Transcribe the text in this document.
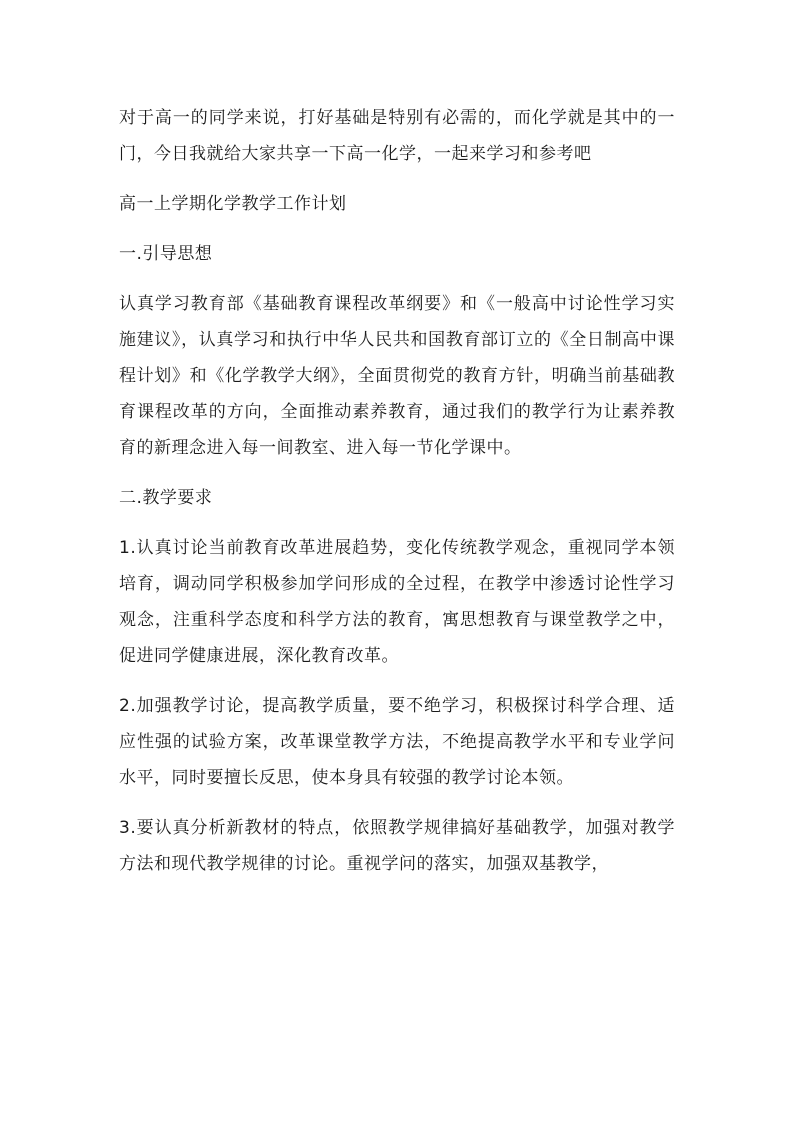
对于高一的同学来说，打好基础是特别有必需的，而化学就是其中的一门，今日我就给大家共享一下高一化学，一起来学习和参考吧

高一上学期化学教学工作计划

一.引导思想

认真学习教育部《基础教育课程改革纲要》和《一般高中讨论性学习实施建议》，认真学习和执行中华人民共和国教育部订立的《全日制高中课程计划》和《化学教学大纲》，全面贯彻党的教育方针，明确当前基础教育课程改革的方向，全面推动素养教育，通过我们的教学行为让素养教育的新理念进入每一间教室、进入每一节化学课中。

二.教学要求

1.认真讨论当前教育改革进展趋势，变化传统教学观念，重视同学本领培育，调动同学积极参加学问形成的全过程，在教学中渗透讨论性学习观念，注重科学态度和科学方法的教育，寓思想教育与课堂教学之中，促进同学健康进展，深化教育改革。

2.加强教学讨论，提高教学质量，要不绝学习，积极探讨科学合理、适应性强的试验方案，改革课堂教学方法，不绝提高教学水平和专业学问水平，同时要擅长反思，使本身具有较强的教学讨论本领。

3.要认真分析新教材的特点，依照教学规律搞好基础教学，加强对教学方法和现代教学规律的讨论。重视学问的落实，加强双基教学，
